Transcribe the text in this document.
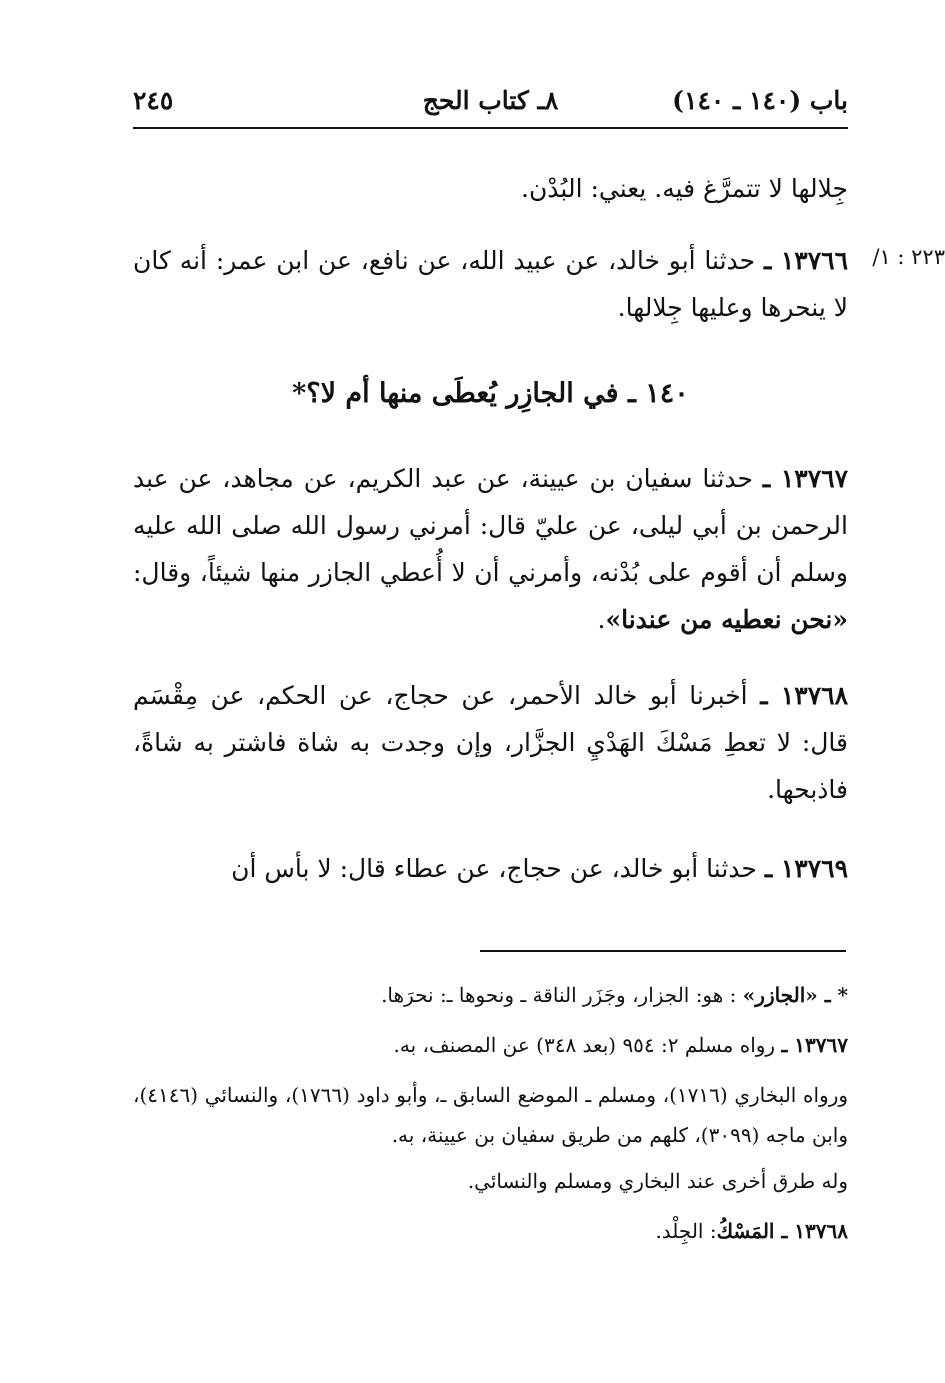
باب (١٤٠ ـ ١٤٠)
٨ـ كتاب الحج
٢٤٥
٢٢٣ : ١/
جِلالها لا تتمرَّغ فيه. يعني: البُدْن.
١٣٧٦٦ ـ حدثنا أبو خالد، عن عبيد الله، عن نافع، عن ابن عمر: أنه كان لا ينحرها وعليها جِلالها.
١٤٠ ـ في الجازِر يُعطَى منها أم لا؟*
١٣٧٦٧ ـ حدثنا سفيان بن عيينة، عن عبد الكريم، عن مجاهد، عن عبد الرحمن بن أبي ليلى، عن عليّ قال: أمرني رسول الله صلى الله عليه وسلم أن أقوم على بُدْنه، وأمرني أن لا أُعطي الجازر منها شيئاً، وقال: «نحن نعطيه من عندنا».
١٣٧٦٨ ـ أخبرنا أبو خالد الأحمر، عن حجاج، عن الحكم، عن مِقْسَم قال: لا تعطِ مَسْكَ الهَدْيِ الجزَّار، وإن وجدت به شاة فاشتر به شاةً، فاذبحها.
١٣٧٦٩ ـ حدثنا أبو خالد، عن حجاج، عن عطاء قال: لا بأس أن

* ـ «الجازر» : هو: الجزار، وجَزَر الناقة ـ ونحوها ـ: نحرَها.

١٣٧٦٧ ـ رواه مسلم ٢: ٩٥٤ (بعد ٣٤٨) عن المصنف، به.

ورواه البخاري (١٧١٦)، ومسلم ـ الموضع السابق ـ، وأبو داود (١٧٦٦)، والنسائي (٤١٤٦)، وابن ماجه (٣٠٩٩)، كلهم من طريق سفيان بن عيينة، به.

وله طرق أخرى عند البخاري ومسلم والنسائي.

١٣٧٦٨ ـ المَسْكُ: الجِلْد.
